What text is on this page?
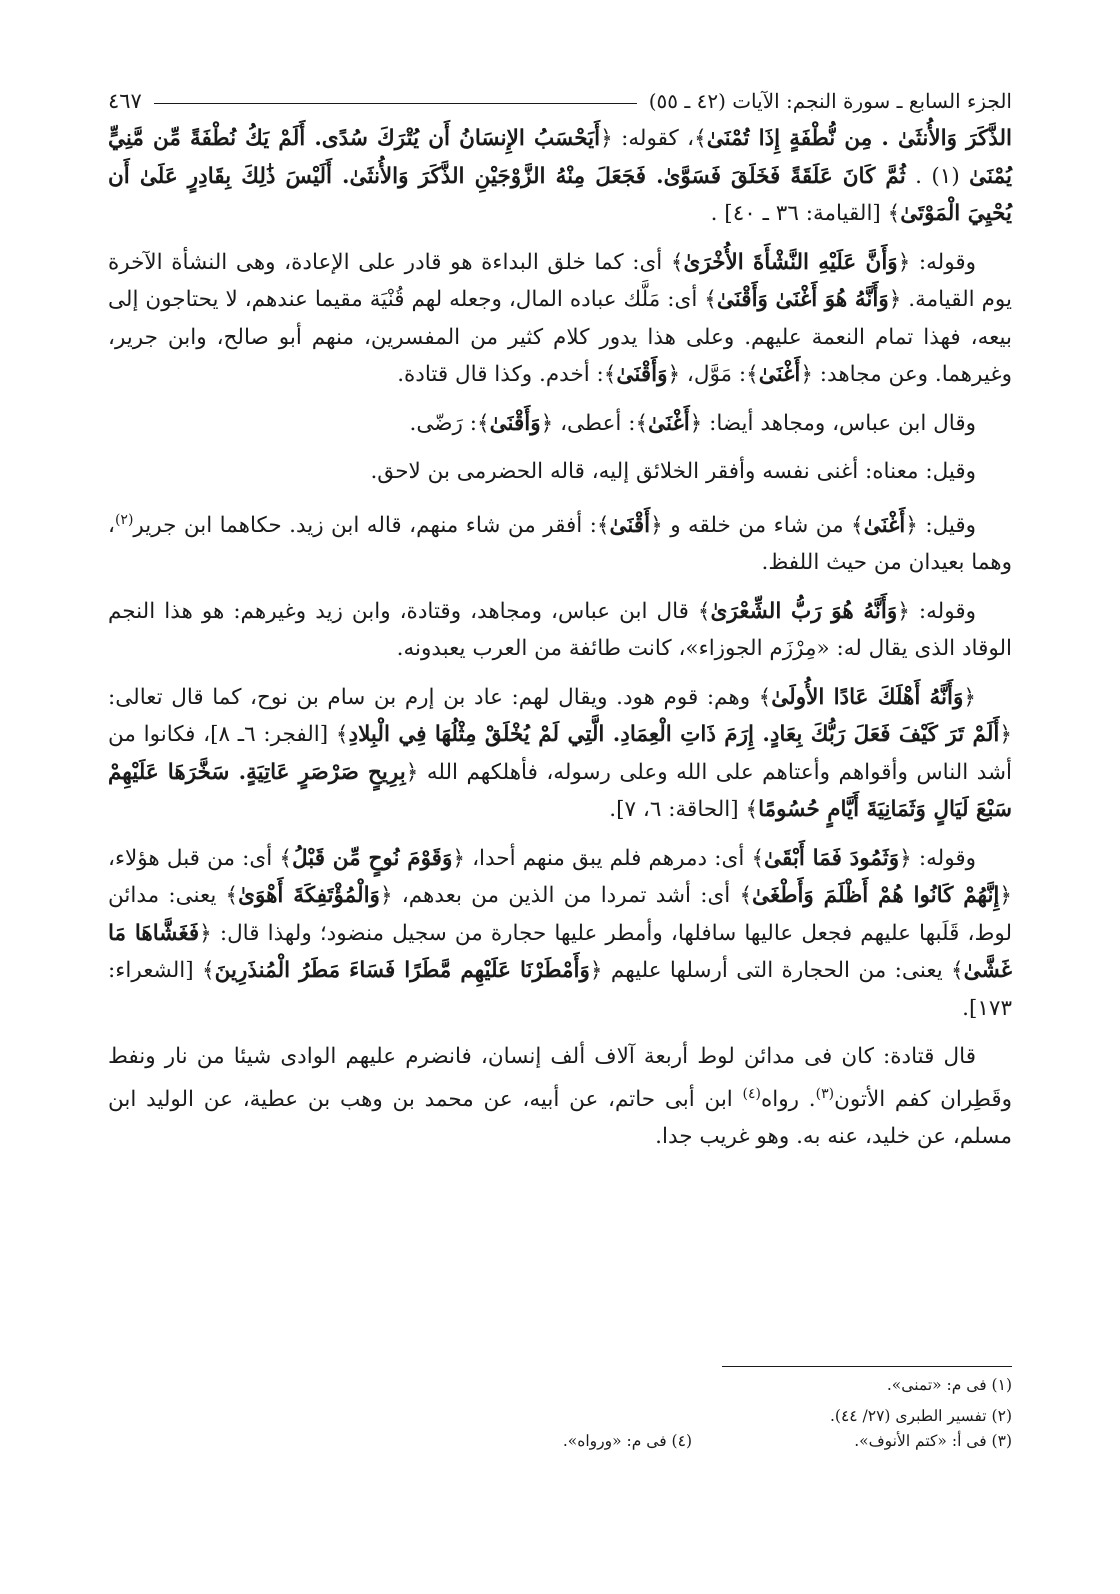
الجزء السابع ـ سورة النجم: الآيات (٤٢ ـ ٥٥)
٤٦٧

الذَّكَرَ وَالأُنثَىٰ . مِن نُّطْفَةٍ إِذَا تُمْنَىٰ﴾، كقوله: ﴿أَيَحْسَبُ الإِنسَانُ أَن يُتْرَكَ سُدًى. أَلَمْ يَكُ نُطْفَةً مِّن مَّنِيٍّ يُمْنَىٰ (١) . ثُمَّ كَانَ عَلَقَةً فَخَلَقَ فَسَوَّىٰ. فَجَعَلَ مِنْهُ الزَّوْجَيْنِ الذَّكَرَ وَالأُنثَىٰ. أَلَيْسَ ذَٰلِكَ بِقَادِرٍ عَلَىٰ أَن يُحْيِيَ الْمَوْتَىٰ﴾ [القيامة: ٣٦ ـ ٤٠] .

وقوله: ﴿وَأَنَّ عَلَيْهِ النَّشْأَةَ الأُخْرَىٰ﴾ أى: كما خلق البداءة هو قادر على الإعادة، وهى النشأة الآخرة يوم القيامة. ﴿وَأَنَّهُ هُوَ أَغْنَىٰ وَأَقْنَىٰ﴾ أى: مَلَّك عباده المال، وجعله لهم قُنْيَة مقيما عندهم، لا يحتاجون إلى بيعه، فهذا تمام النعمة عليهم. وعلى هذا يدور كلام كثير من المفسرين، منهم أبو صالح، وابن جرير، وغيرهما. وعن مجاهد: ﴿أَغْنَىٰ﴾: مَوَّل، ﴿وَأَقْنَىٰ﴾: أخدم. وكذا قال قتادة.

وقال ابن عباس، ومجاهد أيضا: ﴿أَغْنَىٰ﴾: أعطى، ﴿وَأَقْنَىٰ﴾: رَضّى.

وقيل: معناه: أغنى نفسه وأفقر الخلائق إليه، قاله الحضرمى بن لاحق.

وقيل: ﴿أَغْنَىٰ﴾ من شاء من خلقه و ﴿أَقْنَىٰ﴾: أفقر من شاء منهم، قاله ابن زيد. حكاهما ابن جرير$^{(٢)}$، وهما بعيدان من حيث اللفظ.

وقوله: ﴿وَأَنَّهُ هُوَ رَبُّ الشِّعْرَىٰ﴾ قال ابن عباس، ومجاهد، وقتادة، وابن زيد وغيرهم: هو هذا النجم الوقاد الذى يقال له: «مِرْزَم الجوزاء»، كانت طائفة من العرب يعبدونه.

﴿وَأَنَّهُ أَهْلَكَ عَادًا الأُولَىٰ﴾ وهم: قوم هود. ويقال لهم: عاد بن إرم بن سام بن نوح، كما قال تعالى: ﴿أَلَمْ تَرَ كَيْفَ فَعَلَ رَبُّكَ بِعَادٍ. إِرَمَ ذَاتِ الْعِمَادِ. الَّتِي لَمْ يُخْلَقْ مِثْلُهَا فِي الْبِلادِ﴾ [الفجر: ٦ـ ٨]، فكانوا من أشد الناس وأقواهم وأعتاهم على الله وعلى رسوله، فأهلكهم الله ﴿بِرِيحٍ صَرْصَرٍ عَاتِيَةٍ. سَخَّرَهَا عَلَيْهِمْ سَبْعَ لَيَالٍ وَثَمَانِيَةَ أَيَّامٍ حُسُومًا﴾ [الحاقة: ٦، ٧].

وقوله: ﴿وَثَمُودَ فَمَا أَبْقَىٰ﴾ أى: دمرهم فلم يبق منهم أحدا، ﴿وَقَوْمَ نُوحٍ مِّن قَبْلُ﴾ أى: من قبل هؤلاء، ﴿إِنَّهُمْ كَانُوا هُمْ أَظْلَمَ وَأَطْغَىٰ﴾ أى: أشد تمردا من الذين من بعدهم، ﴿وَالْمُؤْتَفِكَةَ أَهْوَىٰ﴾ يعنى: مدائن لوط، قَلَبها عليهم فجعل عاليها سافلها، وأمطر عليها حجارة من سجيل منضود؛ ولهذا قال: ﴿فَغَشَّاهَا مَا غَشَّىٰ﴾ يعنى: من الحجارة التى أرسلها عليهم ﴿وَأَمْطَرْنَا عَلَيْهِم مَّطَرًا فَسَاءَ مَطَرُ الْمُنذَرِينَ﴾ [الشعراء: ١٧٣].

قال قتادة: كان فى مدائن لوط أربعة آلاف ألف إنسان، فانضرم عليهم الوادى شيئا من نار ونفط وقَطِران كفم الأتون$^{(٣)}$. رواه$^{(٤)}$ ابن أبى حاتم، عن أبيه، عن محمد بن وهب بن عطية، عن الوليد ابن مسلم، عن خليد، عنه به. وهو غريب جدا.

(١) فى م: «تمنى».
(٢) تفسير الطبرى (٢٧/ ٤٤).
(٣) فى أ: «كتم الأنوف».
(٤) فى م: «ورواه».
